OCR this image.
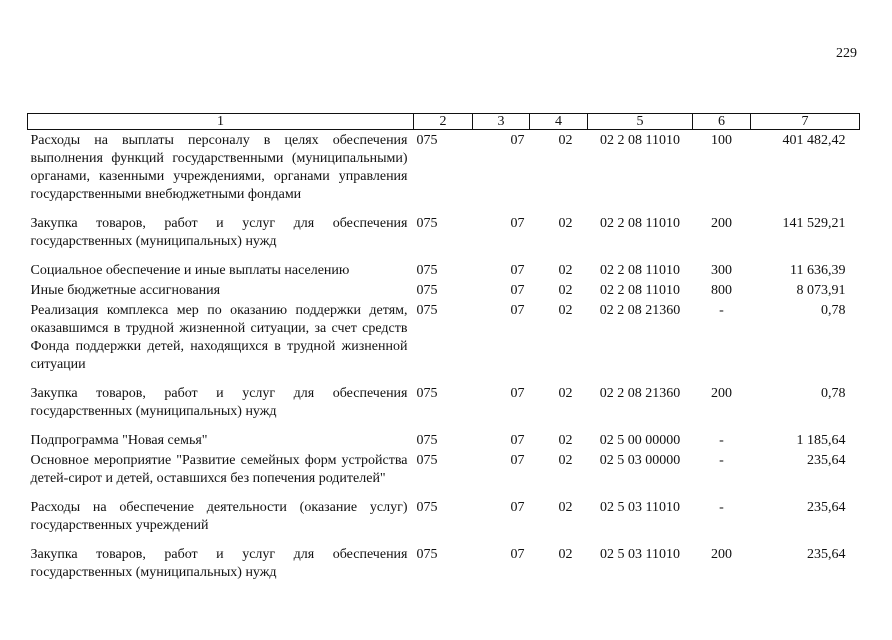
229
1	2	3	4	5	6	7
Расходы на выплаты персоналу в целях обеспечения выполнения функций государственными (муниципальными) органами, казенными учреждениями, органами управления государственными внебюджетными фондами	075	07	02	02 2 08 11010	100	401 482,42
Закупка товаров, работ и услуг для обеспечения государственных (муниципальных) нужд	075	07	02	02 2 08 11010	200	141 529,21
Социальное обеспечение и иные выплаты населению	075	07	02	02 2 08 11010	300	11 636,39
Иные бюджетные ассигнования	075	07	02	02 2 08 11010	800	8 073,91
Реализация комплекса мер по оказанию поддержки детям, оказавшимся в трудной жизненной ситуации, за счет средств Фонда поддержки детей, находящихся в трудной жизненной ситуации	075	07	02	02 2 08 21360	-	0,78
Закупка товаров, работ и услуг для обеспечения государственных (муниципальных) нужд	075	07	02	02 2 08 21360	200	0,78
Подпрограмма "Новая семья"	075	07	02	02 5 00 00000	-	1 185,64
Основное мероприятие "Развитие семейных форм устройства детей-сирот и детей, оставшихся без попечения родителей"	075	07	02	02 5 03 00000	-	235,64
Расходы на обеспечение деятельности (оказание услуг) государственных учреждений	075	07	02	02 5 03 11010	-	235,64
Закупка товаров, работ и услуг для обеспечения государственных (муниципальных) нужд	075	07	02	02 5 03 11010	200	235,64
